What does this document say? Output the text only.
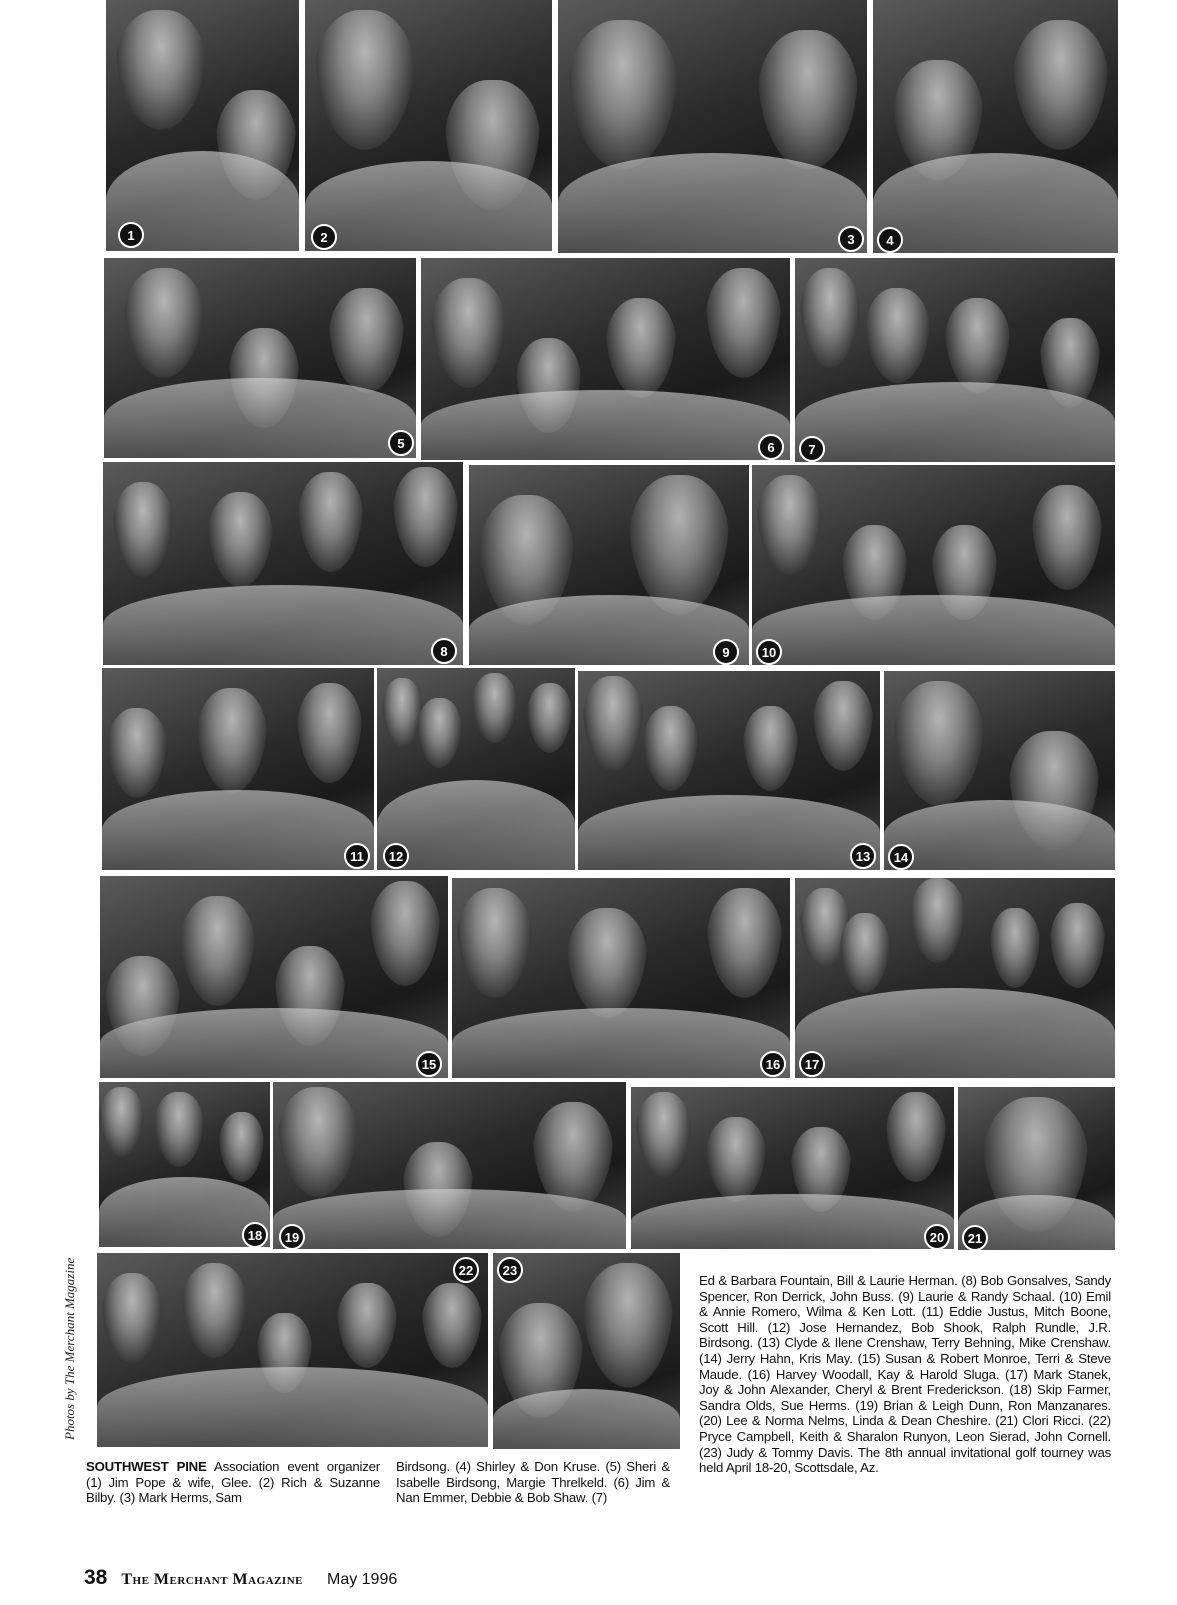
1	2	3	4
5	6	7
8	9	10
11	12	13	14
15	16	17
18	19	20	21
22	23
Photos by The Merchant Magazine	Ed & Barbara Fountain, Bill & Laurie Herman. (8) Bob Gonsalves, Sandy Spencer, Ron Derrick, John Buss. (9) Laurie & Randy Schaal. (10) Emil & Annie Romero, Wilma & Ken Lott. (11) Eddie Justus, Mitch Boone, Scott Hill. (12) Jose Hernandez, Bob Shook, Ralph Rundle, J.R. Birdsong. (13) Clyde & Ilene Crenshaw, Terry Behning, Mike Crenshaw. (14) Jerry Hahn, Kris May. (15) Susan & Robert Monroe, Terri & Steve Maude. (16) Harvey Woodall, Kay & Harold Sluga. (17) Mark Stanek, Joy & John Alexander, Cheryl & Brent Frederickson. (18) Skip Farmer, Sandra Olds, Sue Herms. (19) Brian & Leigh Dunn, Ron Manzanares. (20) Lee & Norma Nelms, Linda & Dean Cheshire. (21) Clori Ricci. (22) Pryce Campbell, Keith & Sharalon Runyon, Leon Sierad, John Cornell. (23) Judy & Tommy Davis. The 8th annual invitational golf tourney was held April 18-20, Scottsdale, Az.
SOUTHWEST PINE Association event organizer (1) Jim Pope & wife, Glee. (2) Rich & Suzanne Bilby. (3) Mark Herms, Sam
Birdsong. (4) Shirley & Don Kruse. (5) Sheri & Isabelle Birdsong, Margie Threlkeld. (6) Jim & Nan Emmer, Debbie & Bob Shaw. (7)
38 The Merchant Magazine May 1996
